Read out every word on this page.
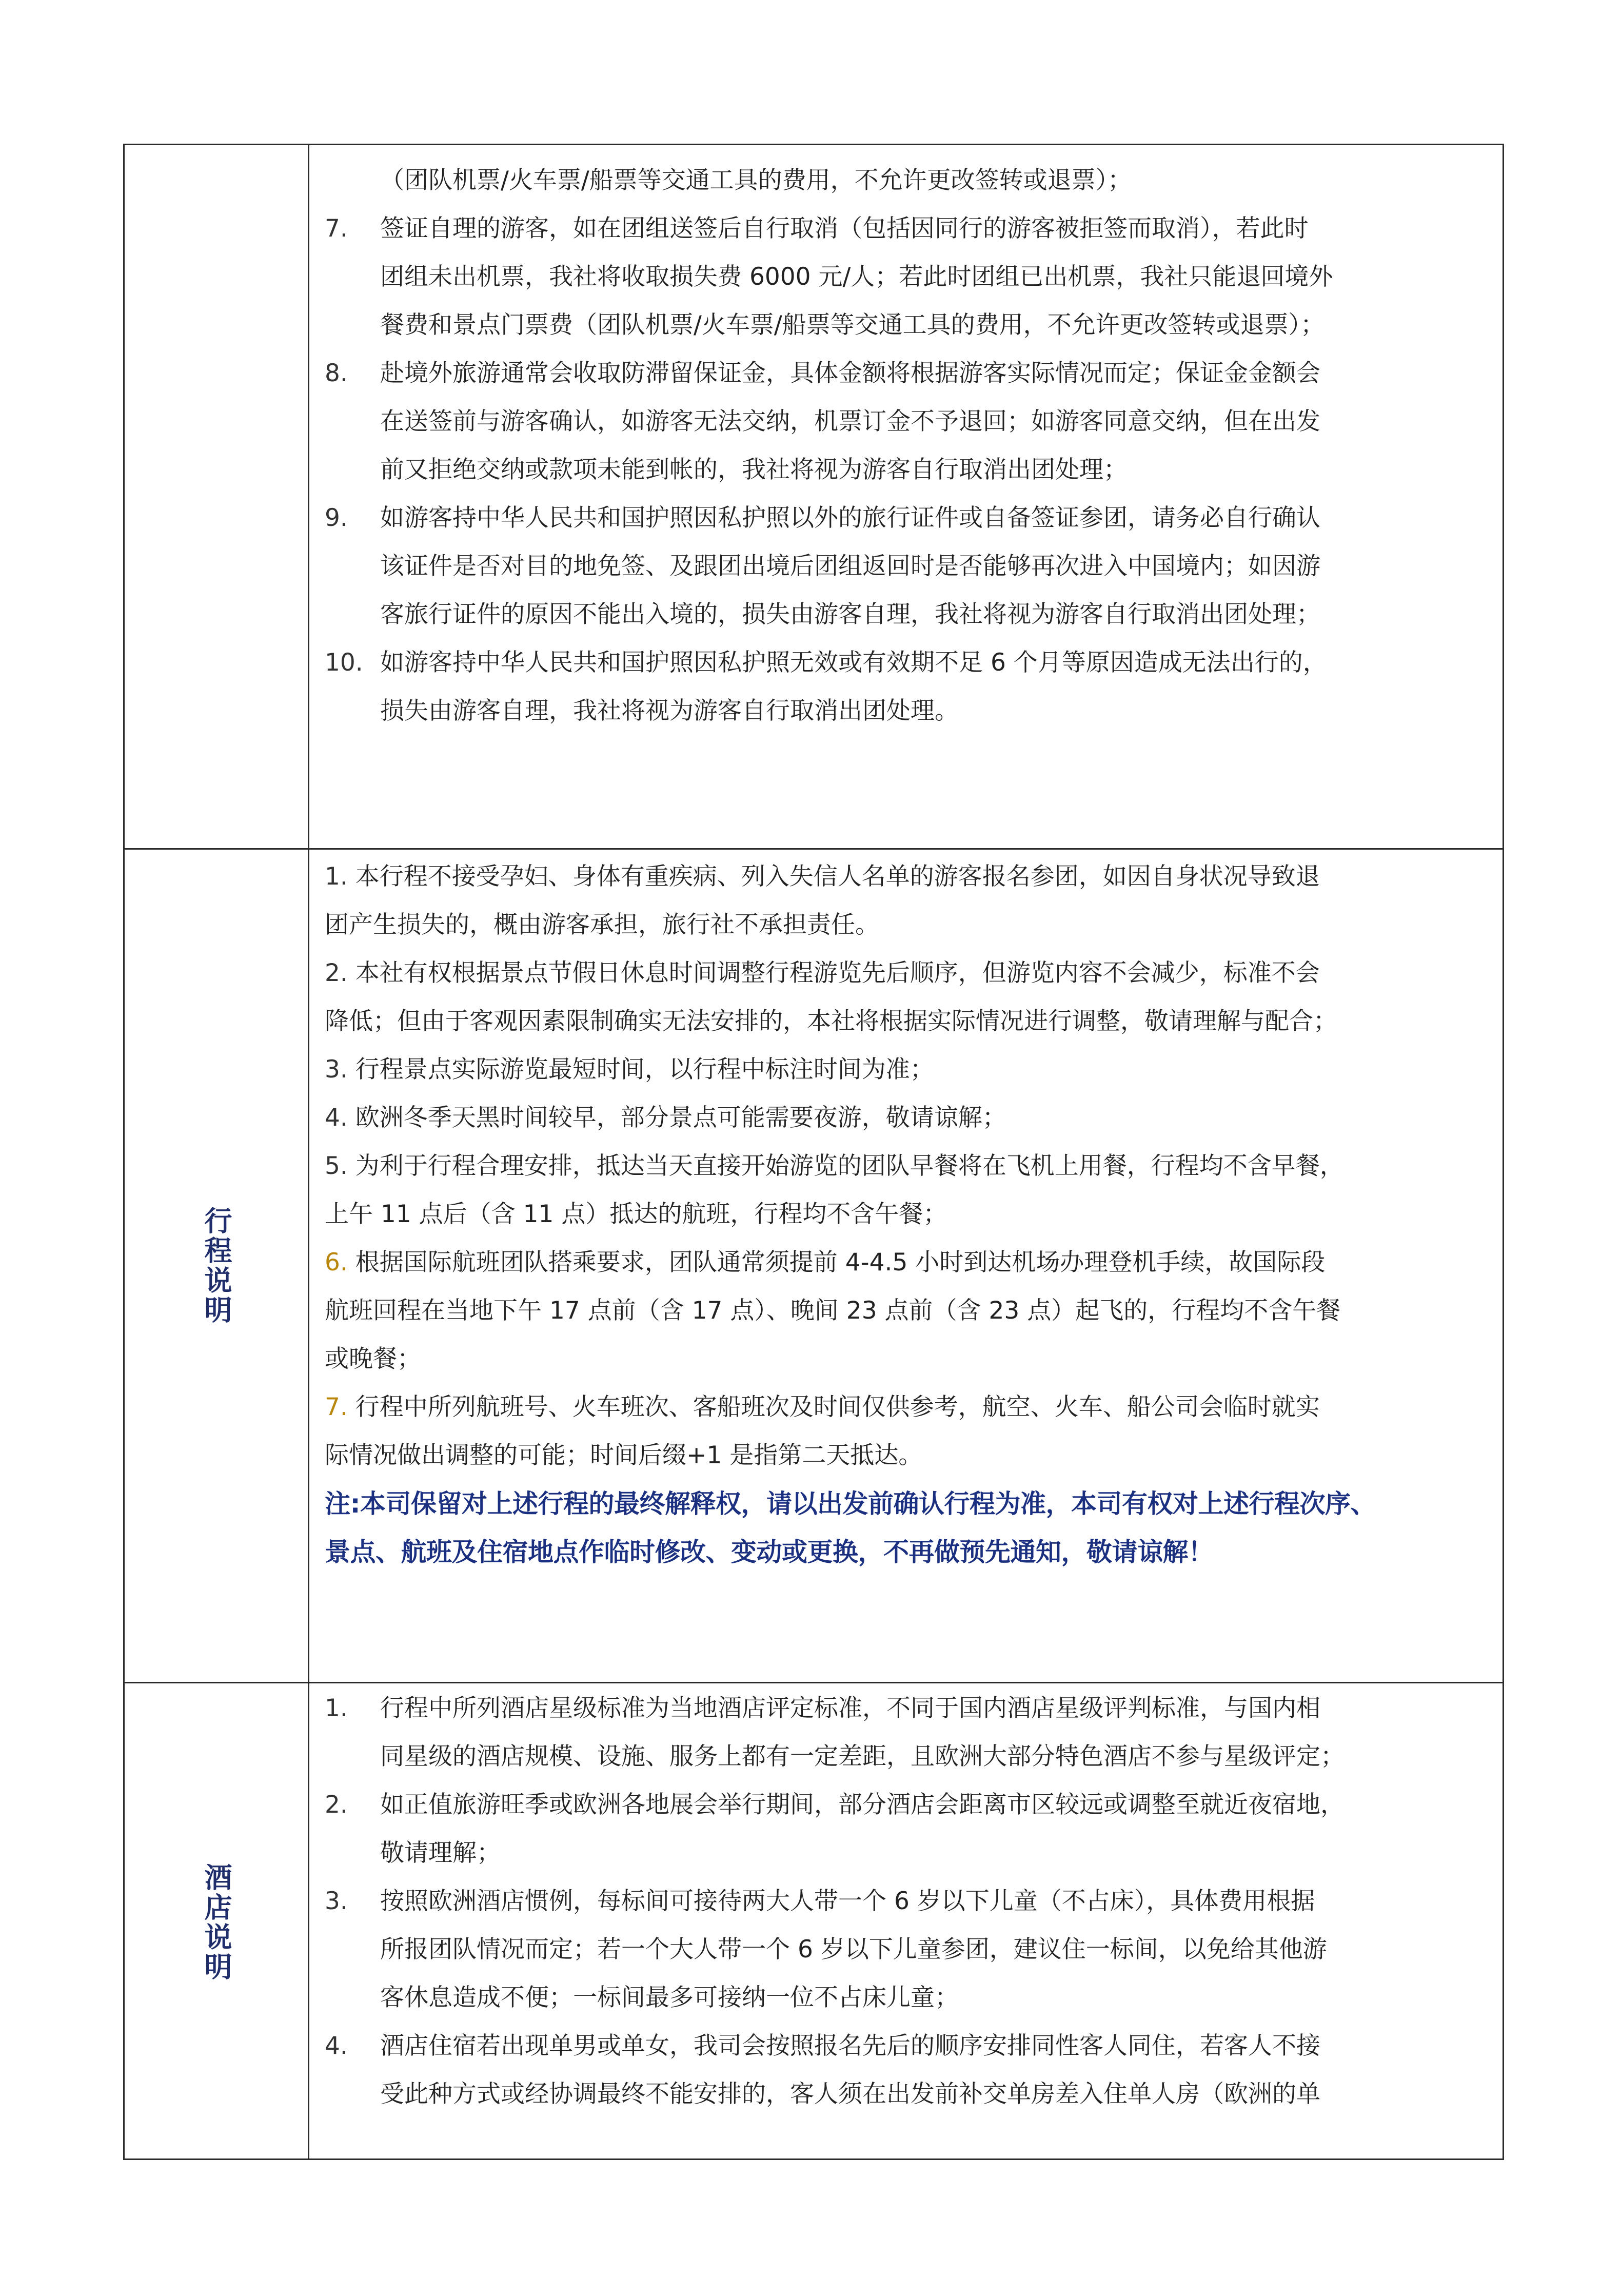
（团队机票/火车票/船票等交通工具的费用，不允许更改签转或退票）；
7. 签证自理的游客，如在团组送签后自行取消（包括因同行的游客被拒签而取消），若此时
团组未出机票，我社将收取损失费 6000 元/人；若此时团组已出机票，我社只能退回境外
餐费和景点门票费（团队机票/火车票/船票等交通工具的费用，不允许更改签转或退票）；
8. 赴境外旅游通常会收取防滞留保证金，具体金额将根据游客实际情况而定；保证金金额会
在送签前与游客确认，如游客无法交纳，机票订金不予退回；如游客同意交纳，但在出发
前又拒绝交纳或款项未能到帐的，我社将视为游客自行取消出团处理；
9. 如游客持中华人民共和国护照因私护照以外的旅行证件或自备签证参团，请务必自行确认
该证件是否对目的地免签、及跟团出境后团组返回时是否能够再次进入中国境内；如因游
客旅行证件的原因不能出入境的，损失由游客自理，我社将视为游客自行取消出团处理；
10. 如游客持中华人民共和国护照因私护照无效或有效期不足 6 个月等原因造成无法出行的，
损失由游客自理，我社将视为游客自行取消出团处理。
行程说明
1. 本行程不接受孕妇、身体有重疾病、列入失信人名单的游客报名参团，如因自身状况导致退
团产生损失的，概由游客承担，旅行社不承担责任。
2. 本社有权根据景点节假日休息时间调整行程游览先后顺序，但游览内容不会减少，标准不会
降低；但由于客观因素限制确实无法安排的，本社将根据实际情况进行调整，敬请理解与配合；
3. 行程景点实际游览最短时间，以行程中标注时间为准；
4. 欧洲冬季天黑时间较早，部分景点可能需要夜游，敬请谅解；
5. 为利于行程合理安排，抵达当天直接开始游览的团队早餐将在飞机上用餐，行程均不含早餐，
上午 11 点后（含 11 点）抵达的航班，行程均不含午餐；
6. 根据国际航班团队搭乘要求，团队通常须提前 4-4.5 小时到达机场办理登机手续，故国际段
航班回程在当地下午 17 点前（含 17 点）、晚间 23 点前（含 23 点）起飞的，行程均不含午餐
或晚餐；
7. 行程中所列航班号、火车班次、客船班次及时间仅供参考，航空、火车、船公司会临时就实
际情况做出调整的可能；时间后缀+1 是指第二天抵达。
注:本司保留对上述行程的最终解释权，请以出发前确认行程为准，本司有权对上述行程次序、
景点、航班及住宿地点作临时修改、变动或更换，不再做预先通知，敬请谅解！
酒店说明
1. 行程中所列酒店星级标准为当地酒店评定标准，不同于国内酒店星级评判标准，与国内相
同星级的酒店规模、设施、服务上都有一定差距，且欧洲大部分特色酒店不参与星级评定；
2. 如正值旅游旺季或欧洲各地展会举行期间，部分酒店会距离市区较远或调整至就近夜宿地，
敬请理解；
3. 按照欧洲酒店惯例，每标间可接待两大人带一个 6 岁以下儿童（不占床），具体费用根据
所报团队情况而定；若一个大人带一个 6 岁以下儿童参团，建议住一标间，以免给其他游
客休息造成不便；一标间最多可接纳一位不占床儿童；
4. 酒店住宿若出现单男或单女，我司会按照报名先后的顺序安排同性客人同住，若客人不接
受此种方式或经协调最终不能安排的，客人须在出发前补交单房差入住单人房（欧洲的单
